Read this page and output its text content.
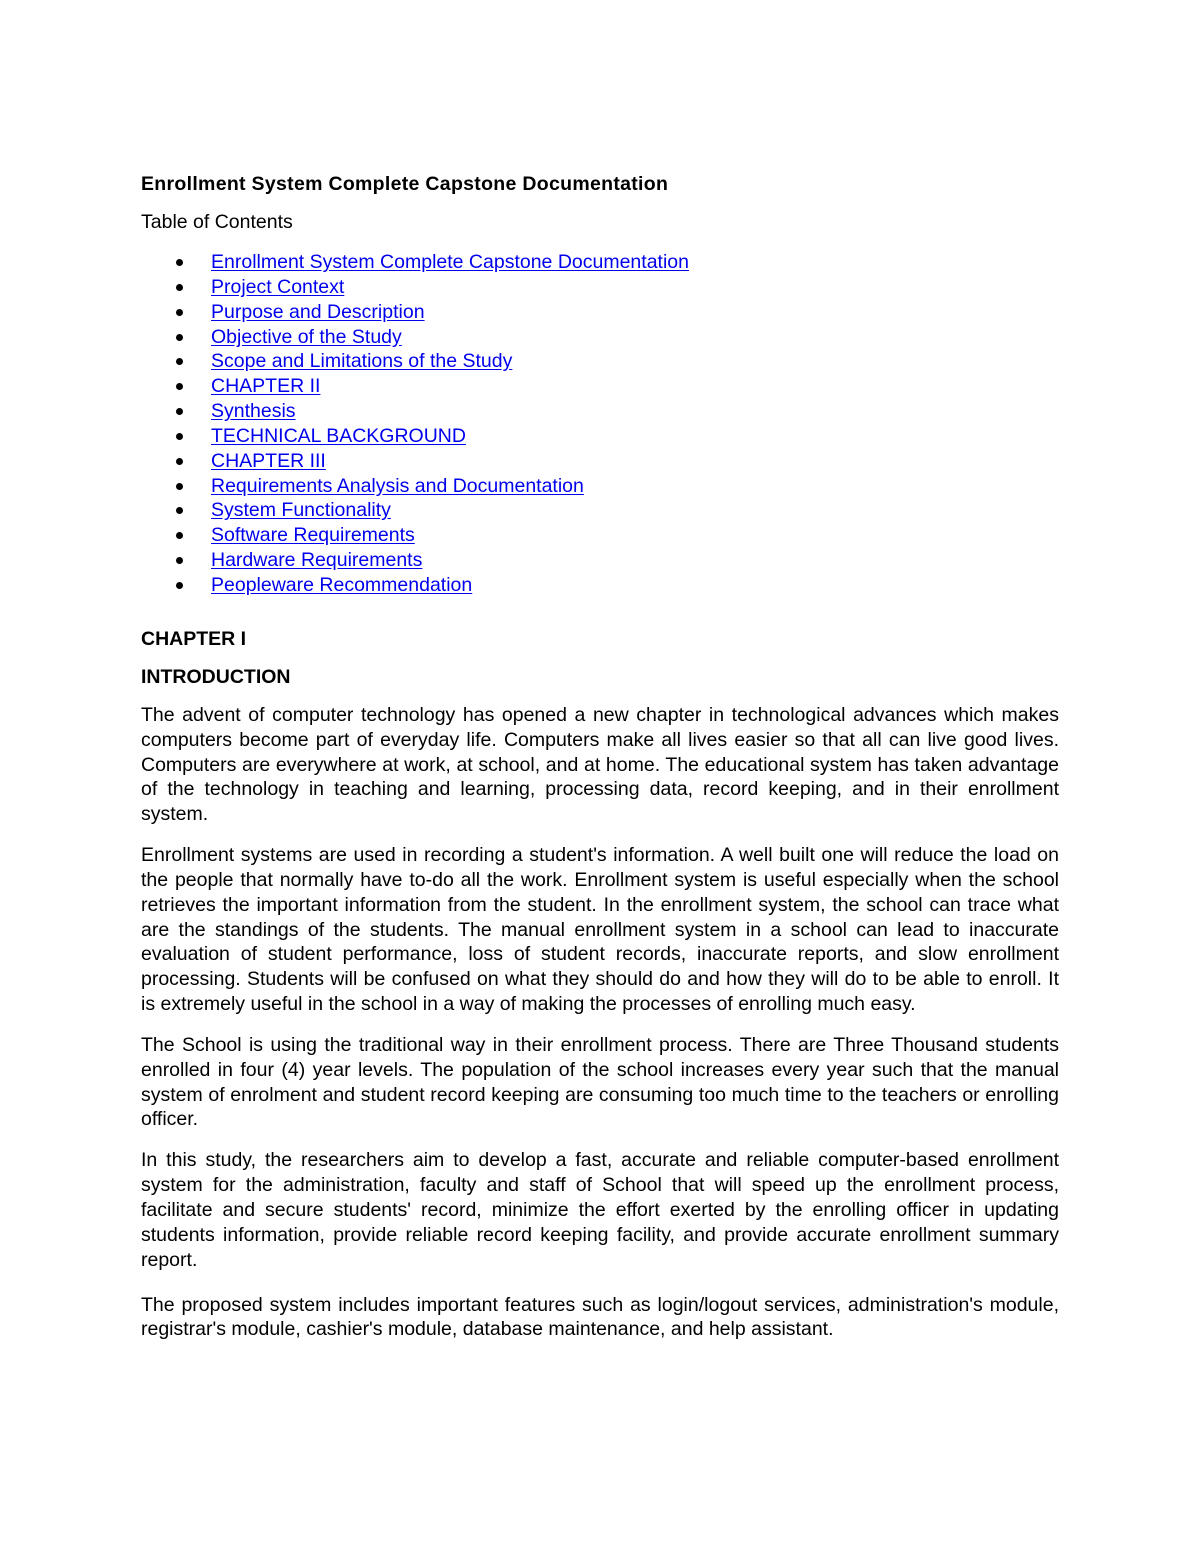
Enrollment System Complete Capstone Documentation

Table of Contents

Enrollment System Complete Capstone Documentation
Project Context
Purpose and Description
Objective of the Study
Scope and Limitations of the Study
CHAPTER II
Synthesis
TECHNICAL BACKGROUND
CHAPTER III
Requirements Analysis and Documentation
System Functionality
Software Requirements
Hardware Requirements
Peopleware Recommendation
CHAPTER I
INTRODUCTION

The advent of computer technology has opened a new chapter in technological advances which makes computers become part of everyday life. Computers make all lives easier so that all can live good lives. Computers are everywhere at work, at school, and at home. The educational system has taken advantage of the technology in teaching and learning, processing data, record keeping, and in their enrollment system.

Enrollment systems are used in recording a student's information. A well built one will reduce the load on the people that normally have to-do all the work. Enrollment system is useful especially when the school retrieves the important information from the student. In the enrollment system, the school can trace what are the standings of the students. The manual enrollment system in a school can lead to inaccurate evaluation of student performance, loss of student records, inaccurate reports, and slow enrollment processing. Students will be confused on what they should do and how they will do to be able to enroll. It is extremely useful in the school in a way of making the processes of enrolling much easy.

The School is using the traditional way in their enrollment process. There are Three Thousand students enrolled in four (4) year levels. The population of the school increases every year such that the manual system of enrolment and student record keeping are consuming too much time to the teachers or enrolling officer.

In this study, the researchers aim to develop a fast, accurate and reliable computer-based enrollment system for the administration, faculty and staff of School that will speed up the enrollment process, facilitate and secure students' record, minimize the effort exerted by the enrolling officer in updating students information, provide reliable record keeping facility, and provide accurate enrollment summary report.

The proposed system includes important features such as login/logout services, administration's module, registrar's module, cashier's module, database maintenance, and help assistant.
